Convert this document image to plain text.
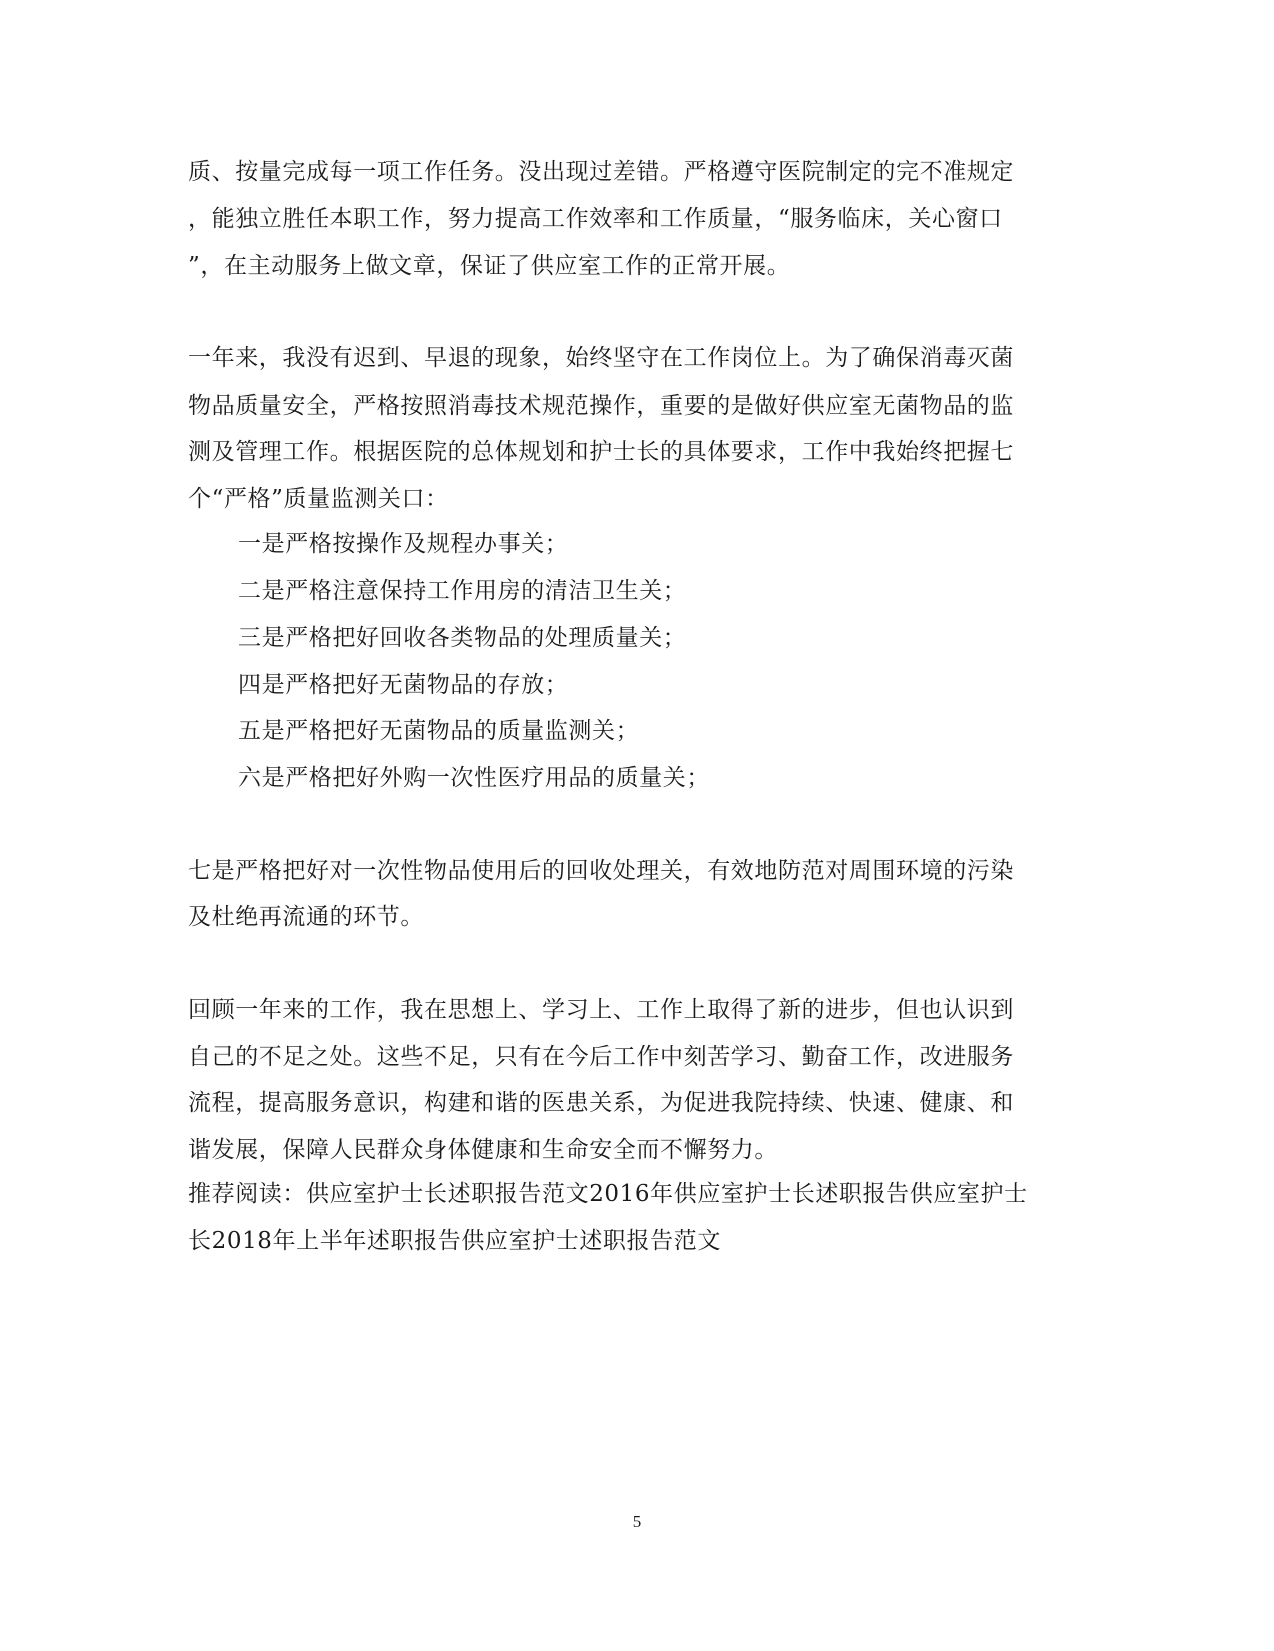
质、按量完成每一项工作任务。没出现过差错。严格遵守医院制定的完不准规定
，能独立胜任本职工作，努力提高工作效率和工作质量，“服务临床，关心窗口
”，在主动服务上做文章，保证了供应室工作的正常开展。
一年来，我没有迟到、早退的现象，始终坚守在工作岗位上。为了确保消毒灭菌
物品质量安全，严格按照消毒技术规范操作，重要的是做好供应室无菌物品的监
测及管理工作。根据医院的总体规划和护士长的具体要求，工作中我始终把握七
个“严格”质量监测关口：
一是严格按操作及规程办事关；
二是严格注意保持工作用房的清洁卫生关；
三是严格把好回收各类物品的处理质量关；
四是严格把好无菌物品的存放；
五是严格把好无菌物品的质量监测关；
六是严格把好外购一次性医疗用品的质量关；
七是严格把好对一次性物品使用后的回收处理关，有效地防范对周围环境的污染
及杜绝再流通的环节。
回顾一年来的工作，我在思想上、学习上、工作上取得了新的进步，但也认识到
自己的不足之处。这些不足，只有在今后工作中刻苦学习、勤奋工作，改进服务
流程，提高服务意识，构建和谐的医患关系，为促进我院持续、快速、健康、和
谐发展，保障人民群众身体健康和生命安全而不懈努力。
推荐阅读：供应室护士长述职报告范文2016年供应室护士长述职报告供应室护士
长2018年上半年述职报告供应室护士述职报告范文
5
